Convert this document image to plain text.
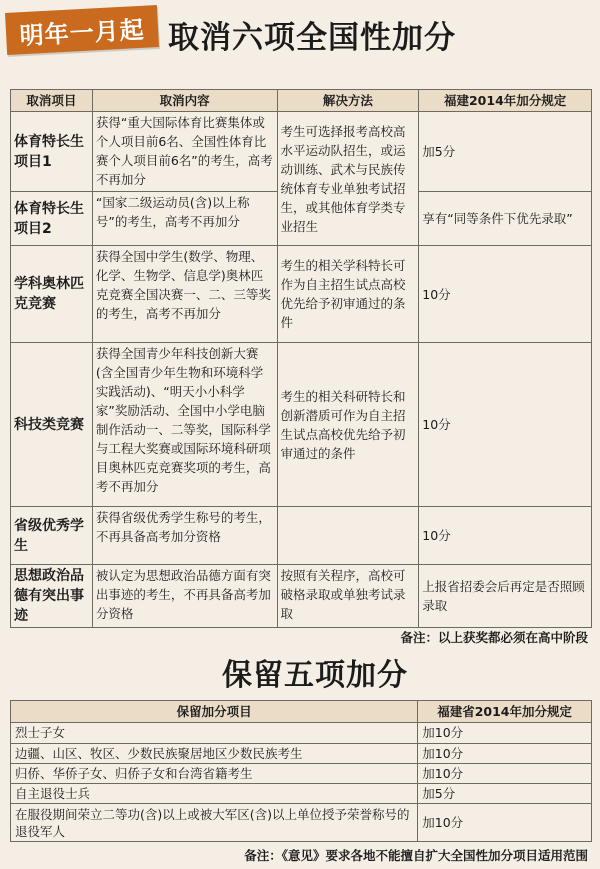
明年一月起 取消六项全国性加分
取消项目	取消内容	解决方法	福建2014年加分规定
体育特长生项目1	获得“重大国际体育比赛集体或个人项目前6名、全国性体育比赛个人项目前6名”的考生，高考不再加分	考生可选择报考高校高水平运动队招生，或运动训练、武术与民族传统体育专业单独考试招生，或其他体育学类专业招生	加5分
体育特长生项目2	“国家二级运动员(含)以上称号”的考生，高考不再加分		享有“同等条件下优先录取”
学科奥林匹克竞赛	获得全国中学生(数学、物理、化学、生物学、信息学)奥林匹克竞赛全国决赛一、二、三等奖的考生，高考不再加分	考生的相关学科特长可作为自主招生试点高校优先给予初审通过的条件	10分
科技类竞赛	获得全国青少年科技创新大赛(含全国青少年生物和环境科学实践活动)、“明天小小科学家”奖励活动、全国中小学电脑制作活动一、二等奖，国际科学与工程大奖赛或国际环境科研项目奥林匹克竞赛奖项的考生，高考不再加分	考生的相关科研特长和创新潜质可作为自主招生试点高校优先给予初审通过的条件	10分
省级优秀学生	获得省级优秀学生称号的考生，不再具备高考加分资格		10分
思想政治品德有突出事迹	被认定为思想政治品德方面有突出事迹的考生，不再具备高考加分资格	按照有关程序，高校可破格录取或单独考试录取	上报省招委会后再定是否照顾录取
备注：以上获奖都必须在高中阶段
保留五项加分
保留加分项目	福建省2014年加分规定
烈士子女	加10分
边疆、山区、牧区、少数民族聚居地区少数民族考生	加10分
归侨、华侨子女、归侨子女和台湾省籍考生	加10分
自主退役士兵	加5分
在服役期间荣立二等功(含)以上或被大军区(含)以上单位授予荣誉称号的退役军人	加10分
备注：《意见》要求各地不能擅自扩大全国性加分项目适用范围
